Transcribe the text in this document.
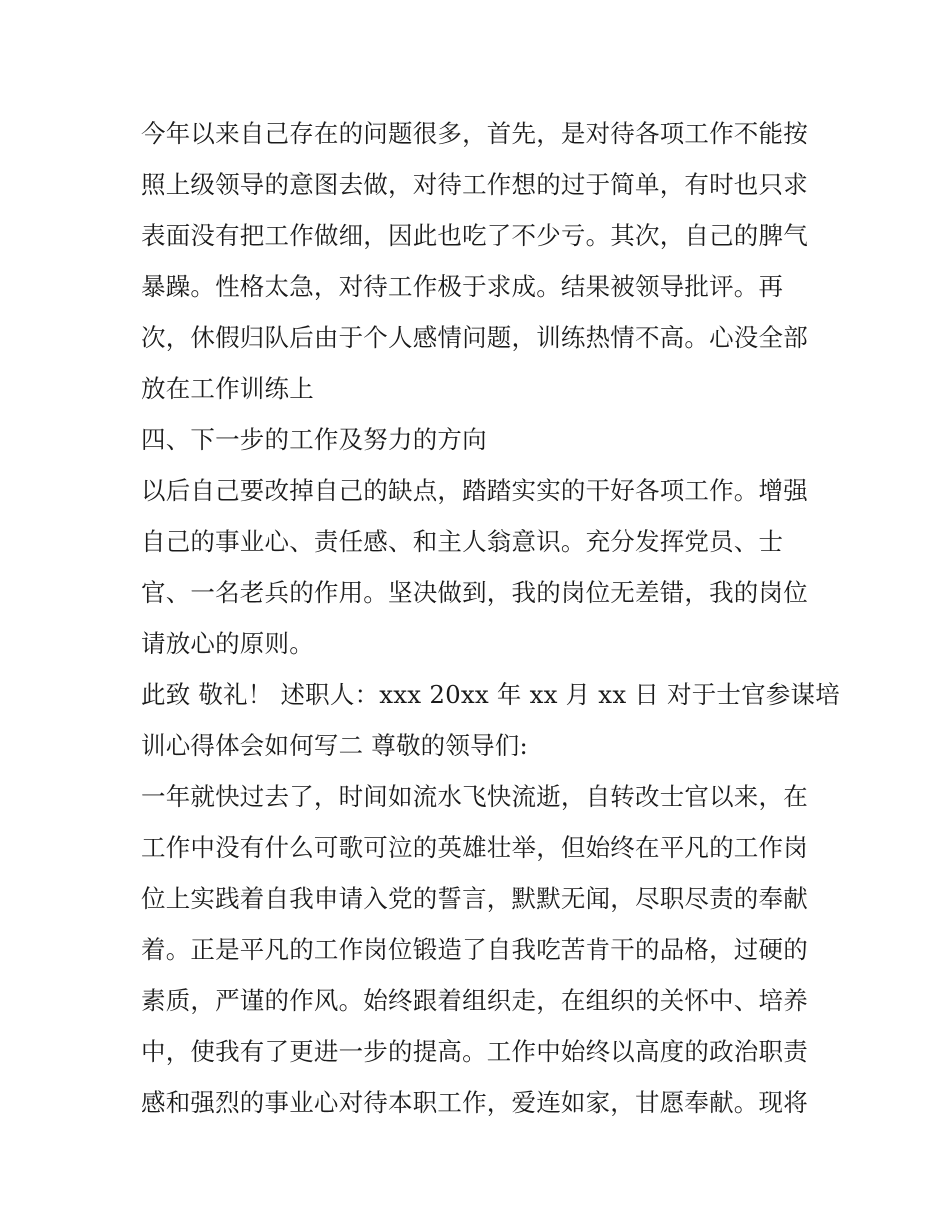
今年以来自己存在的问题很多，首先，是对待各项工作不能按
照上级领导的意图去做，对待工作想的过于简单，有时也只求
表面没有把工作做细，因此也吃了不少亏。其次，自己的脾气
暴躁。性格太急，对待工作极于求成。结果被领导批评。再
次，休假归队后由于个人感情问题，训练热情不高。心没全部
放在工作训练上
四、下一步的工作及努力的方向
以后自己要改掉自己的缺点，踏踏实实的干好各项工作。增强
自己的事业心、责任感、和主人翁意识。充分发挥党员、士
官、一名老兵的作用。坚决做到，我的岗位无差错，我的岗位
请放心的原则。
此致 敬礼！ 述职人：xxx 20xx 年 xx 月 xx 日 对于士官参谋培
训心得体会如何写二 尊敬的领导们:
一年就快过去了，时间如流水飞快流逝，自转改士官以来，在
工作中没有什么可歌可泣的英雄壮举，但始终在平凡的工作岗
位上实践着自我申请入党的誓言，默默无闻，尽职尽责的奉献
着。正是平凡的工作岗位锻造了自我吃苦肯干的品格，过硬的
素质，严谨的作风。始终跟着组织走，在组织的关怀中、培养
中，使我有了更进一步的提高。工作中始终以高度的政治职责
感和强烈的事业心对待本职工作，爱连如家，甘愿奉献。现将
